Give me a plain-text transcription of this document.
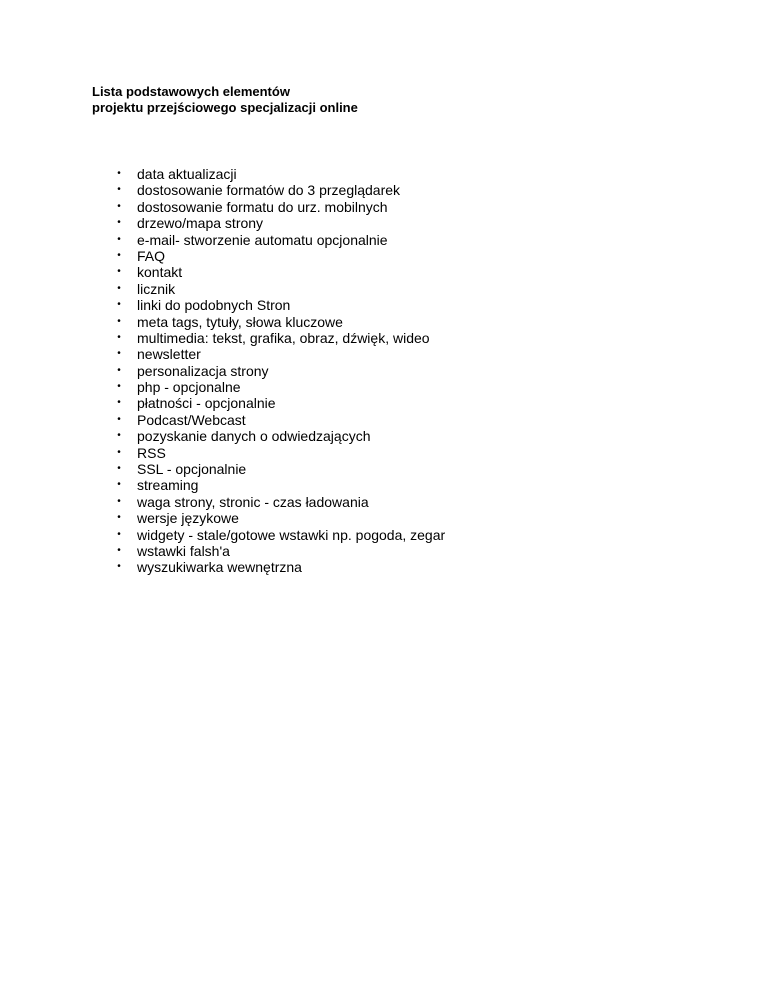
Lista podstawowych elementów
projektu przejściowego specjalizacji online
• data aktualizacji
• dostosowanie formatów do 3 przeglądarek
• dostosowanie formatu do urz. mobilnych
• drzewo/mapa strony
• e-mail- stworzenie automatu opcjonalnie
• FAQ
• kontakt
• licznik
• linki do podobnych Stron
• meta tags, tytuły, słowa kluczowe
• multimedia: tekst, grafika, obraz, dźwięk, wideo
• newsletter
• personalizacja strony
• php - opcjonalne
• płatności - opcjonalnie
• Podcast/Webcast
• pozyskanie danych o odwiedzających
• RSS
• SSL - opcjonalnie
• streaming
• waga strony, stronic - czas ładowania
• wersje językowe
• widgety - stale/gotowe wstawki np. pogoda, zegar
• wstawki falsh'a
• wyszukiwarka wewnętrzna
